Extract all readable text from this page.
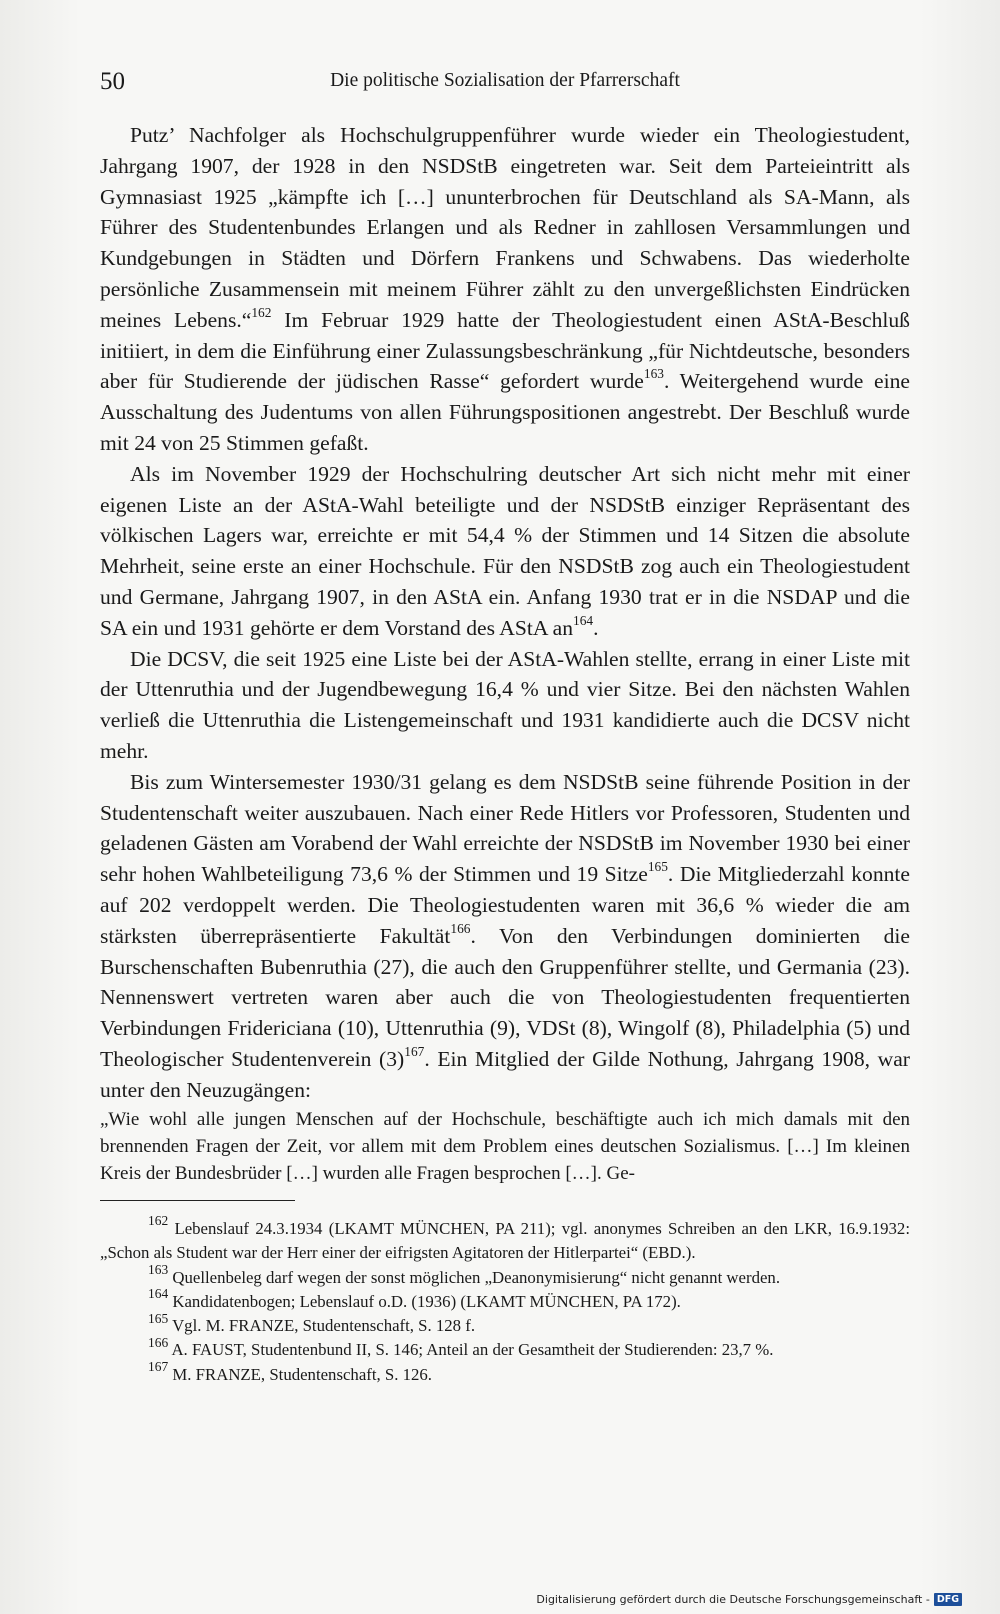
50	Die politische Sozialisation der Pfarrerschaft

Putz’ Nachfolger als Hochschulgruppenführer wurde wieder ein Theologiestudent, Jahrgang 1907, der 1928 in den NSDStB eingetreten war. Seit dem Parteieintritt als Gymnasiast 1925 „kämpfte ich […] ununterbrochen für Deutschland als SA-Mann, als Führer des Studentenbundes Erlangen und als Redner in zahllosen Versammlungen und Kundgebungen in Städten und Dörfern Frankens und Schwabens. Das wiederholte persönliche Zusammensein mit meinem Führer zählt zu den unvergeßlichsten Eindrücken meines Lebens.“$^{162}$ Im Februar 1929 hatte der Theologiestudent einen AStA-Beschluß initiiert, in dem die Einführung einer Zulassungsbeschränkung „für Nichtdeutsche, besonders aber für Studierende der jüdischen Rasse“ gefordert wurde$^{163}$. Weitergehend wurde eine Ausschaltung des Judentums von allen Führungspositionen angestrebt. Der Beschluß wurde mit 24 von 25 Stimmen gefaßt.

Als im November 1929 der Hochschulring deutscher Art sich nicht mehr mit einer eigenen Liste an der AStA-Wahl beteiligte und der NSDStB einziger Repräsentant des völkischen Lagers war, erreichte er mit 54,4 % der Stimmen und 14 Sitzen die absolute Mehrheit, seine erste an einer Hochschule. Für den NSDStB zog auch ein Theologiestudent und Germane, Jahrgang 1907, in den AStA ein. Anfang 1930 trat er in die NSDAP und die SA ein und 1931 gehörte er dem Vorstand des AStA $an^{164}$.

Die DCSV, die seit 1925 eine Liste bei der AStA-Wahlen stellte, errang in einer Liste mit der Uttenruthia und der Jugendbewegung 16,4 % und vier Sitze. Bei den nächsten Wahlen verließ die Uttenruthia die Listengemeinschaft und 1931 kandidierte auch die DCSV nicht mehr.

Bis zum Wintersemester 1930/31 gelang es dem NSDStB seine führende Position in der Studentenschaft weiter auszubauen. Nach einer Rede Hitlers vor Professoren, Studenten und geladenen Gästen am Vorabend der Wahl erreichte der NSDStB im November 1930 bei einer sehr hohen Wahlbeteiligung 73,6 % der Stimmen und 19 Sitze$^{165}$. Die Mitgliederzahl konnte auf 202 verdoppelt werden. Die Theologiestudenten waren mit 36,6 % wieder die am stärksten überrepräsentierte Fakultät$^{166}$. Von den Verbindungen dominierten die Burschenschaften Bubenruthia (27), die auch den Gruppenführer stellte, und Germania (23). Nennenswert vertreten waren aber auch die von Theologiestudenten frequentierten Verbindungen Fridericiana (10), Uttenruthia (9), VDSt (8), Wingolf (8), Philadelphia (5) und Theologischer Studentenverein $(3)^{167}$. Ein Mitglied der Gilde Nothung, Jahrgang 1908, war unter den Neuzugängen:

„Wie wohl alle jungen Menschen auf der Hochschule, beschäftigte auch ich mich damals mit den brennenden Fragen der Zeit, vor allem mit dem Problem eines deutschen Sozialismus. […] Im kleinen Kreis der Bundesbrüder […] wurden alle Fragen besprochen […]. Ge-

$^{162}$ Lebenslauf 24.3.1934 (LKAMT MÜNCHEN, PA 211); vgl. anonymes Schreiben an den LKR, 16.9.1932: „Schon als Student war der Herr einer der eifrigsten Agitatoren der Hitlerpartei“ (EBD.).

$^{163}$ Quellenbeleg darf wegen der sonst möglichen „Deanonymisierung“ nicht genannt werden.

$^{164}$ Kandidatenbogen; Lebenslauf o.D. (1936) (LKAMT MÜNCHEN, PA 172).

$^{165}$ Vgl. M. FRANZE, Studentenschaft, S. 128 f.

$^{166}$ A. FAUST, Studentenbund II, S. 146; Anteil an der Gesamtheit der Studierenden: 23,7 %.

$^{167}$ M. FRANZE, Studentenschaft, S. 126.

Digitalisierung gefördert durch die Deutsche Forschungsgemeinschaft - DFG
